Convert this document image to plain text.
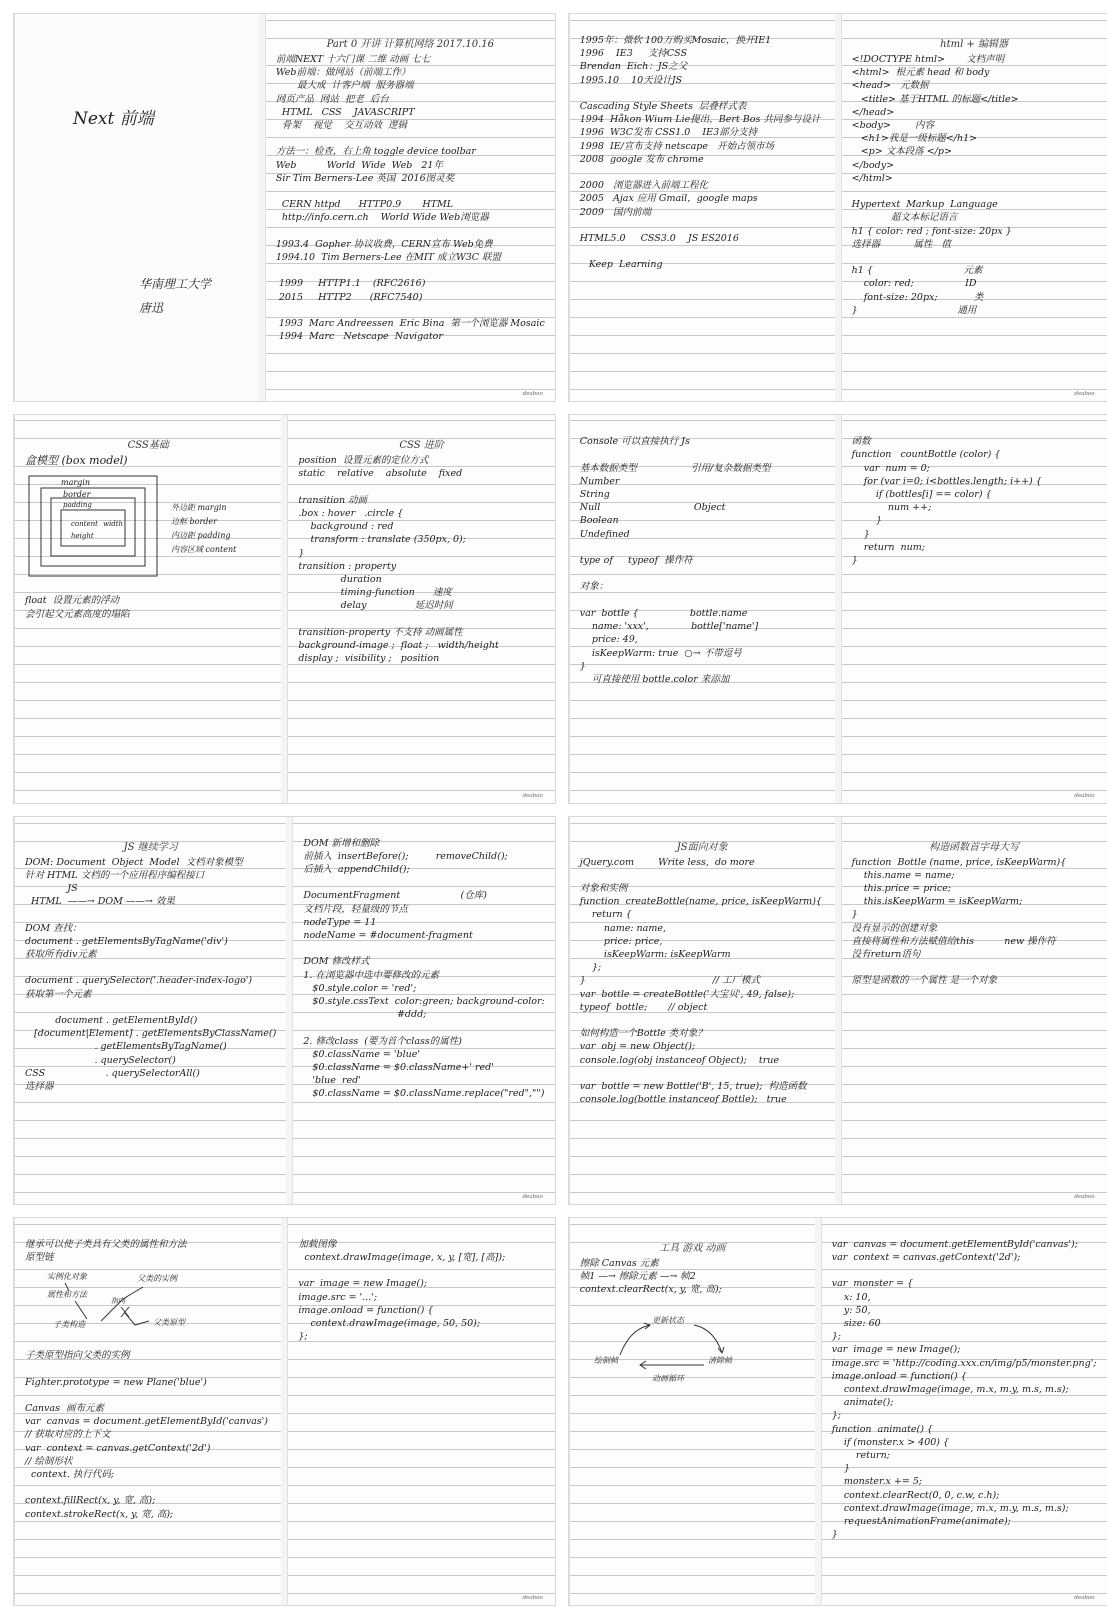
Next 前端
华南理工大学
唐迅
Part 0 开讲 计算机网络 2017.10.16
前端NEXT 十六门课 二维 动画 七七
Web前端：做网站（前端工作）
最大成  计客户端  服务器端
网页产品  网站  把老  后台
HTML   CSS    JAVASCRIPT
骨架    视觉    交互动效  逻辑

方法一：检查，右上角 toggle device toolbar
Web          World  Wide  Web   21年
Sir Tim Berners-Lee 英国  2016图灵奖

CERN httpd      HTTP0.9       HTML
http://info.cern.ch    World Wide Web浏览器

1993.4  Gopher 协议收费，CERN宣布 Web免费
1994.10  Tim Berners-Lee 在MIT 成立W3C 联盟

1999     HTTP1.1    (RFC2616)
2015     HTTP2      (RFC7540)

1993  Marc Andreessen  Eric Bina  第一个浏览器 Mosaic
1994  Marc   Netscape  Navigator
deaboo
1995年：微软 100万购买Mosaic，换开IE1
1996    IE3     支持CSS
Brendan  Eich：JS之父
1995.10    10天设计JS

Cascading Style Sheets  层叠样式表
1994  Håkon Wium Lie提出，Bert Bos 共同参与设计
1996  W3C发布 CSS1.0    IE3部分支持
1998  IE/宣布支持 netscape   开始占领市场
2008  google 发布 chrome

2000   浏览器进入前端工程化
2005   Ajax 应用 Gmail，google maps
2009   国内前端

HTML5.0     CSS3.0    JS ES2016

Keep  Learning
html + 编辑器
<!DOCTYPE html>       文档声明
<html>  根元素 head 和 body
<head>   元数据
<title> 基于HTML 的标题</title>
</head>
<body>        内容
<h1>我是一级标题</h1>
<p> 文本段落 </p>
</body>
</html>

Hypertext  Markup  Language
超文本标记语言
h1 { color: red ; font-size: 20px }
选择器           属性   值

h1 {                              元素
color: red;                 ID
font-size: 20px;            类
}                                 通用
deaboo
CSS基础
盒模型 (box model)
margin
border
padding
content width
height
外边距 margin
边框 border
内边距 padding
内容区域 content
float  设置元素的浮动
会引起父元素高度的塌陷
CSS 进阶
position  设置元素的定位方式
static    relative    absolute    fixed

transition 动画
.box : hover   .circle {
background : red
transform : translate (350px, 0);
}
transition : property
duration
timing-function      速度
delay                延迟时间

transition-property 不支持 动画属性
background-image ;  float ;   width/height
display ;  visibility ;   position
deaboo
Console 可以直接执行 Js

基本数据类型                  引用/复杂数据类型
Number
String
Null                               Object
Boolean
Undefined

type of     typeof  操作符

对象：

var  bottle {                 bottle.name
name: 'xxx',              bottle['name']
price: 49,
isKeepWarm: true  ○→ 不带逗号
}
可直接使用 bottle.color 来添加
函数
function   countBottle (color) {
var  num = 0;
for (var i=0; i<bottles.length; i++) {
if (bottles[i] == color) {
num ++;
}
}
return  num;
}
deaboo
JS 继续学习
DOM: Document  Object  Model  文档对象模型
针对 HTML 文档的一个应用程序编程接口
JS
HTML  ——→ DOM ——→ 效果

DOM 查找：
document . getElementsByTagName('div')
获取所有div元素

document . querySelector('.header-index-logo')
获取第一个元素

document . getElementById()
[document|Element] . getElementsByClassName()
. getElementsByTagName()
. querySelector()
CSS                    . querySelectorAll()
选择器
DOM 新增和删除
前插入  insertBefore();         removeChild();
后插入  appendChild();

DocumentFragment                    (仓库)
文档片段，轻量级的节点
nodeType = 11
nodeName = #document-fragment

DOM 修改样式
1. 在浏览器中选中要修改的元素
$0.style.color = 'red';
$0.style.cssText  color:green; background-color:
#ddd;

2. 修改class  (要为首个class的属性)
$0.className = 'blue'
$0.className = $0.className+' red'
'blue  red'
$0.className = $0.className.replace("red","")
deaboo
JS面向对象
jQuery.com        Write less,  do more

对象和实例
function  createBottle(name, price, isKeepWarm){
return {
name: name,
price: price,
isKeepWarm: isKeepWarm
};
}                                          // 工厂模式
var  bottle = createBottle('大宝贝', 49, false);
typeof  bottle;       // object

如何构造一个Bottle 类对象？
var  obj = new Object();
console.log(obj instanceof Object);    true

var  bottle = new Bottle('B', 15, true);  构造函数
console.log(bottle instanceof Bottle);   true
构造函数首字母大写
function  Bottle (name, price, isKeepWarm){
this.name = name;
this.price = price;
this.isKeepWarm = isKeepWarm;
}
没有显示的创建对象
直接将属性和方法赋值给this          new 操作符
没有return语句

原型是函数的一个属性 是一个对象
deaboo
继承可以使子类具有父类的属性和方法
原型链
实例化对象	父类的实例
属性和方法
指向
子类构造	父类原型
子类原型指向父类的实例

Fighter.prototype = new Plane('blue')

Canvas  画布元素
var  canvas = document.getElementById('canvas')
// 获取对应的上下文
var  context = canvas.getContext('2d')
// 绘制形状
context. 执行代码;

context.fillRect(x, y, 宽, 高);
context.strokeRect(x, y, 宽, 高);
加载图像
context.drawImage(image, x, y, [宽], [高]);

var  image = new Image();
image.src = '...';
image.onload = function() {
context.drawImage(image, 50, 50);
};
deaboo
工具 游戏 动画
擦除 Canvas 元素
帧1 —→ 擦除元素 —→ 帧2
context.clearRect(x, y, 宽, 高);
更新状态
绘制帧	清除帧
动画循环
var  canvas = document.getElementById('canvas');
var  context = canvas.getContext('2d');

var  monster = {
x: 10,
y: 50,
size: 60
};
var  image = new Image();
image.src = 'http://coding.xxx.cn/img/p5/monster.png';
image.onload = function() {
context.drawImage(image, m.x, m.y, m.s, m.s);
animate();
};
function  animate() {
if (monster.x > 400) {
return;
}
monster.x += 5;
context.clearRect(0, 0, c.w, c.h);
context.drawImage(image, m.x, m.y, m.s, m.s);
requestAnimationFrame(animate);
}
deaboo
